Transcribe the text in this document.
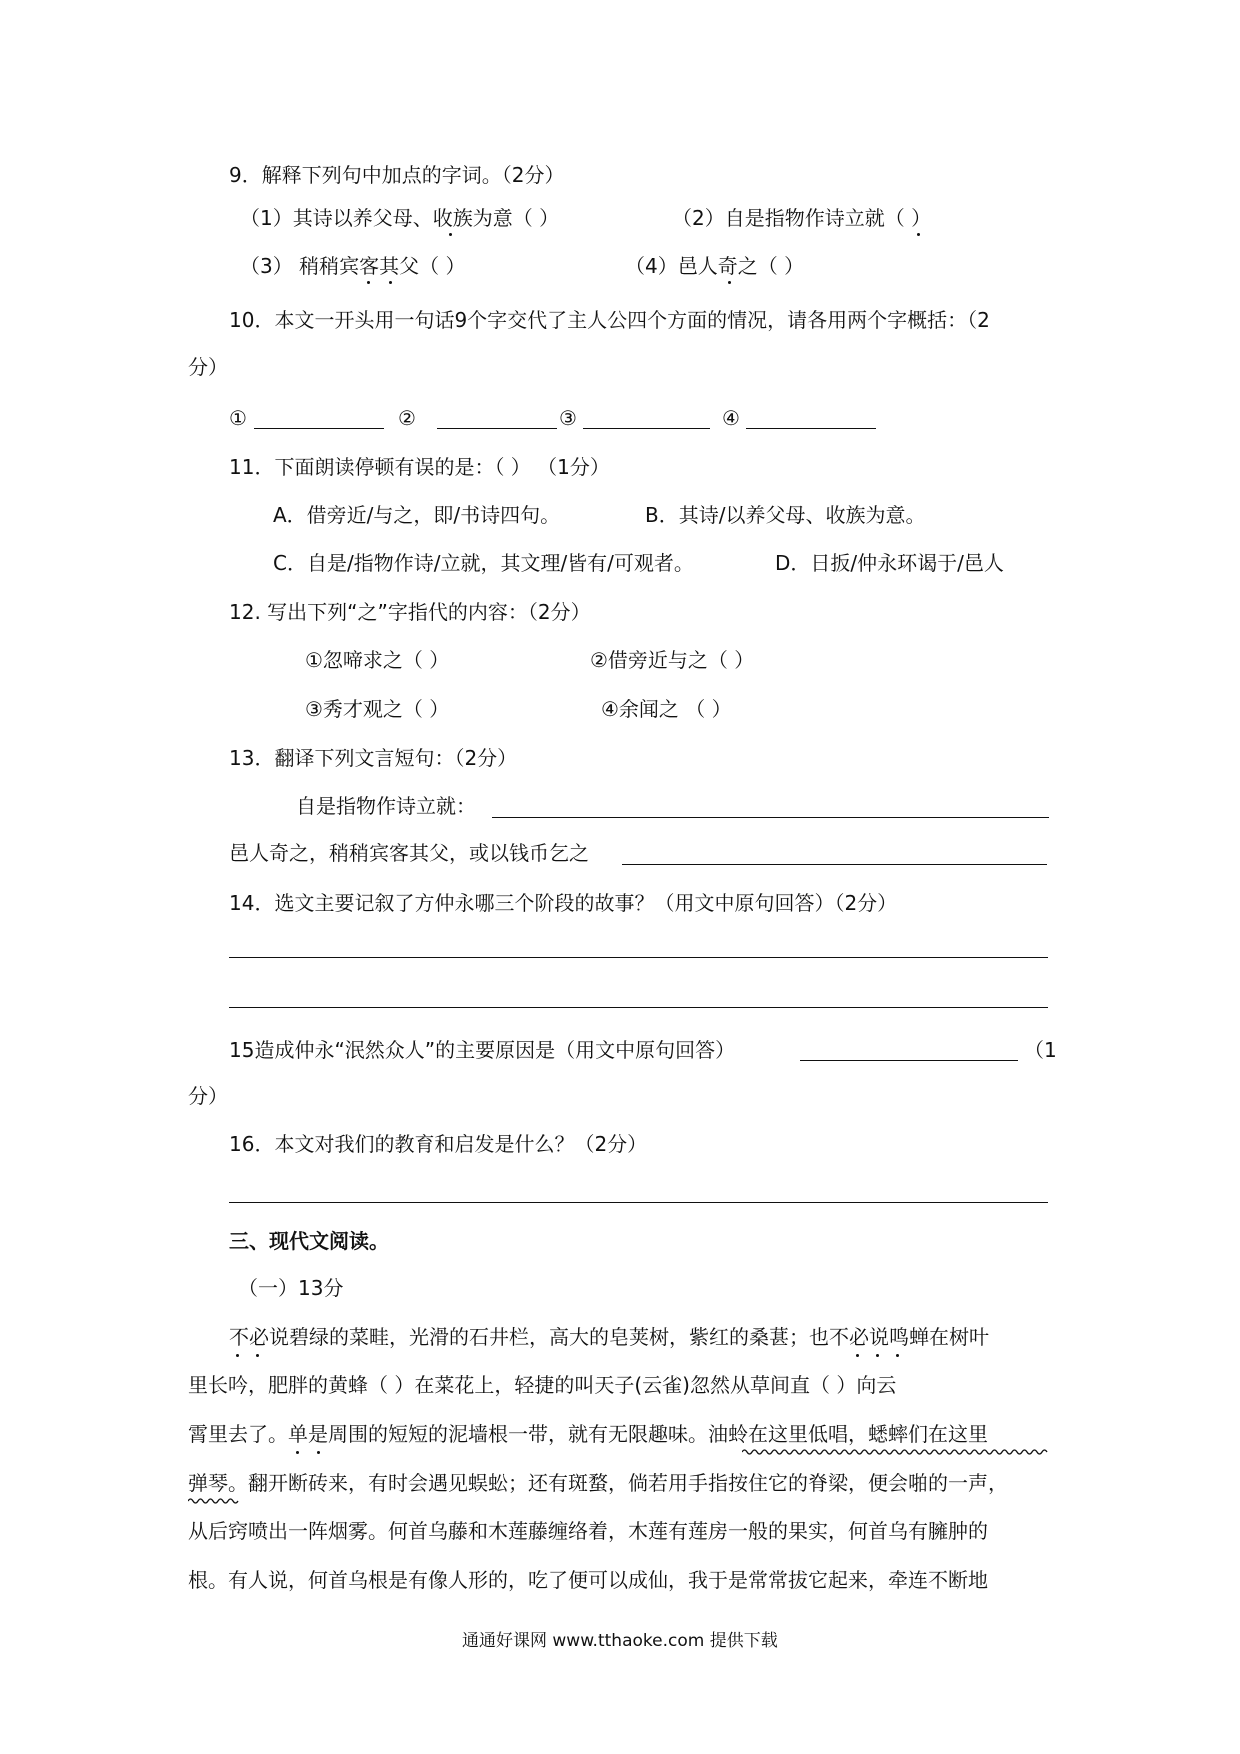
9．解释下列句中加点的字词。（2分）
（1）其诗以养父母、收族为意（ ）	（2）自是指物作诗立就（ ）
（3） 稍稍宾客其父（ ）	（4）邑人奇之（ ）
10．本文一开头用一句话9个字交代了主人公四个方面的情况，请各用两个字概括：（2
分）
①	②	③	④
11．下面朗读停顿有误的是：（ ） （1分）
A．借旁近/与之，即/书诗四句。	B．其诗/以养父母、收族为意。
C．自是/指物作诗/立就，其文理/皆有/可观者。	D．日扳/仲永环谒于/邑人
12. 写出下列“之”字指代的内容：（2分）
①忽啼求之（ ）	②借旁近与之（ ）
③秀才观之（ ）	④余闻之 （ ）
13．翻译下列文言短句：（2分）
自是指物作诗立就：
邑人奇之，稍稍宾客其父，或以钱币乞之
14．选文主要记叙了方仲永哪三个阶段的故事？（用文中原句回答）（2分）
15造成仲永“泯然众人”的主要原因是（用文中原句回答）	（1
分）
16．本文对我们的教育和启发是什么？（2分）
三、现代文阅读。
（一）13分
不必说碧绿的菜畦，光滑的石井栏，高大的皂荚树，紫红的桑葚；也不必说鸣蝉在树叶
里长吟，肥胖的黄蜂（ ）在菜花上，轻捷的叫天子(云雀)忽然从草间直（ ）向云
霄里去了。单是周围的短短的泥墙根一带，就有无限趣味。油蛉在这里低唱，蟋蟀们在这里
弹琴。翻开断砖来，有时会遇见蜈蚣；还有斑蝥，倘若用手指按住它的脊梁，便会啪的一声，
从后窍喷出一阵烟雾。何首乌藤和木莲藤缠络着，木莲有莲房一般的果实，何首乌有臃肿的
根。有人说，何首乌根是有像人形的，吃了便可以成仙，我于是常常拔它起来，牵连不断地
通通好课网 www.tthaoke.com 提供下载
